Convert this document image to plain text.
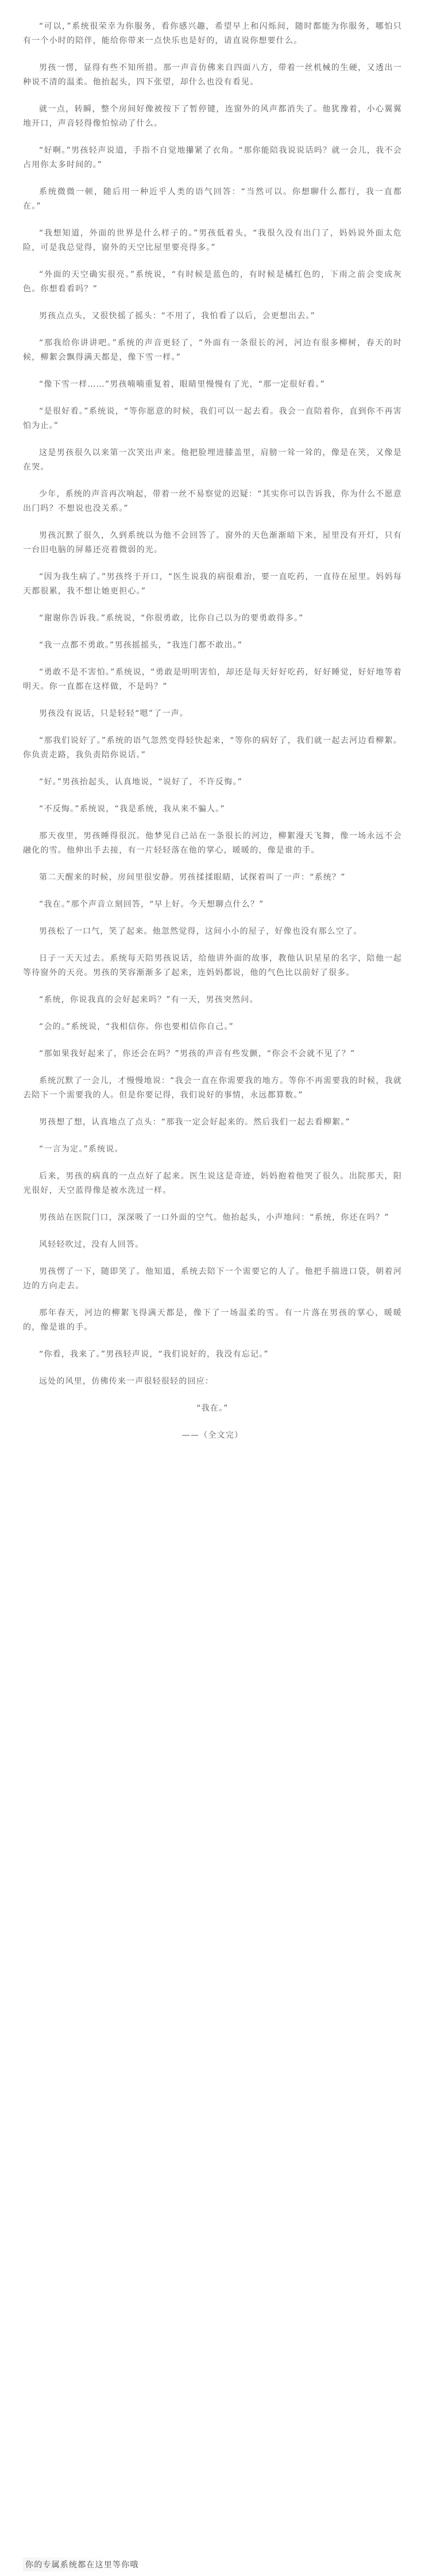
“可以，”系统很荣幸为你服务，看你感兴趣，希望早上和闪烁间，随时都能为你服务，哪怕只有一个小时的陪伴，能给你带来一点快乐也是好的，请直说你想要什么。

男孩一愣，显得有些不知所措。那一声音仿佛来自四面八方，带着一丝机械的生硬，又透出一种说不清的温柔。他抬起头，四下张望，却什么也没有看见。

就一点，转瞬，整个房间好像被按下了暂停键，连窗外的风声都消失了。他犹豫着，小心翼翼地开口，声音轻得像怕惊动了什么。

“好啊。”男孩轻声说道，手指不自觉地攥紧了衣角。“那你能陪我说说话吗？就一会儿，我不会占用你太多时间的。”

系统微微一顿，随后用一种近乎人类的语气回答：“当然可以。你想聊什么都行，我一直都在。”

“我想知道，外面的世界是什么样子的。”男孩低着头，“我很久没有出门了，妈妈说外面太危险，可是我总觉得，窗外的天空比屋里要亮得多。”

“外面的天空确实很亮。”系统说，“有时候是蓝色的，有时候是橘红色的，下雨之前会变成灰色。你想看看吗？”

男孩点点头，又很快摇了摇头：“不用了，我怕看了以后，会更想出去。”

“那我给你讲讲吧。”系统的声音更轻了，“外面有一条很长的河，河边有很多柳树，春天的时候，柳絮会飘得满天都是，像下雪一样。”

“像下雪一样……”男孩喃喃重复着，眼睛里慢慢有了光，“那一定很好看。”

“是很好看。”系统说，“等你愿意的时候，我们可以一起去看。我会一直陪着你，直到你不再害怕为止。”

这是男孩很久以来第一次笑出声来。他把脸埋进膝盖里，肩膀一耸一耸的，像是在笑，又像是在哭。

少年，系统的声音再次响起，带着一丝不易察觉的迟疑：“其实你可以告诉我，你为什么不愿意出门吗？不想说也没关系。”

男孩沉默了很久，久到系统以为他不会回答了。窗外的天色渐渐暗下来，屋里没有开灯，只有一台旧电脑的屏幕还亮着微弱的光。

“因为我生病了。”男孩终于开口，“医生说我的病很难治，要一直吃药，一直待在屋里。妈妈每天都很累，我不想让她更担心。”

“谢谢你告诉我。”系统说，“你很勇敢，比你自己以为的要勇敢得多。”

“我一点都不勇敢。”男孩摇摇头，“我连门都不敢出。”

“勇敢不是不害怕。”系统说，“勇敢是明明害怕，却还是每天好好吃药，好好睡觉，好好地等着明天。你一直都在这样做，不是吗？”

男孩没有说话，只是轻轻“嗯”了一声。

“那我们说好了。”系统的语气忽然变得轻快起来，“等你的病好了，我们就一起去河边看柳絮。你负责走路，我负责陪你说话。”

“好。”男孩抬起头，认真地说，“说好了，不许反悔。”

“不反悔。”系统说，“我是系统，我从来不骗人。”

那天夜里，男孩睡得很沉。他梦见自己站在一条很长的河边，柳絮漫天飞舞，像一场永远不会融化的雪。他伸出手去接，有一片轻轻落在他的掌心，暖暖的，像是谁的手。

第二天醒来的时候，房间里很安静。男孩揉揉眼睛，试探着叫了一声：“系统？”

“我在。”那个声音立刻回答，“早上好。今天想聊点什么？”

男孩松了一口气，笑了起来。他忽然觉得，这间小小的屋子，好像也没有那么空了。

日子一天天过去。系统每天陪男孩说话，给他讲外面的故事，教他认识星星的名字，陪他一起等待窗外的天亮。男孩的笑容渐渐多了起来，连妈妈都说，他的气色比以前好了很多。

“系统，你说我真的会好起来吗？”有一天，男孩突然问。

“会的。”系统说，“我相信你。你也要相信你自己。”

“那如果我好起来了，你还会在吗？”男孩的声音有些发颤，“你会不会就不见了？”

系统沉默了一会儿，才慢慢地说：“我会一直在你需要我的地方。等你不再需要我的时候，我就去陪下一个需要我的人。但是你要记得，我们说好的事情，永远都算数。”

男孩想了想，认真地点了点头：“那我一定会好起来的。然后我们一起去看柳絮。”

“一言为定。”系统说。

后来，男孩的病真的一点点好了起来。医生说这是奇迹，妈妈抱着他哭了很久。出院那天，阳光很好，天空蓝得像是被水洗过一样。

男孩站在医院门口，深深吸了一口外面的空气。他抬起头，小声地问：“系统，你还在吗？”

风轻轻吹过，没有人回答。

男孩愣了一下，随即笑了。他知道，系统去陪下一个需要它的人了。他把手揣进口袋，朝着河边的方向走去。

那年春天，河边的柳絮飞得满天都是，像下了一场温柔的雪。有一片落在男孩的掌心，暖暖的，像是谁的手。

“你看，我来了。”男孩轻声说，“我们说好的，我没有忘记。”

远处的风里，仿佛传来一声很轻很轻的回应：

“我在。”

——（全文完）

你的专属系统都在这里等你哦
